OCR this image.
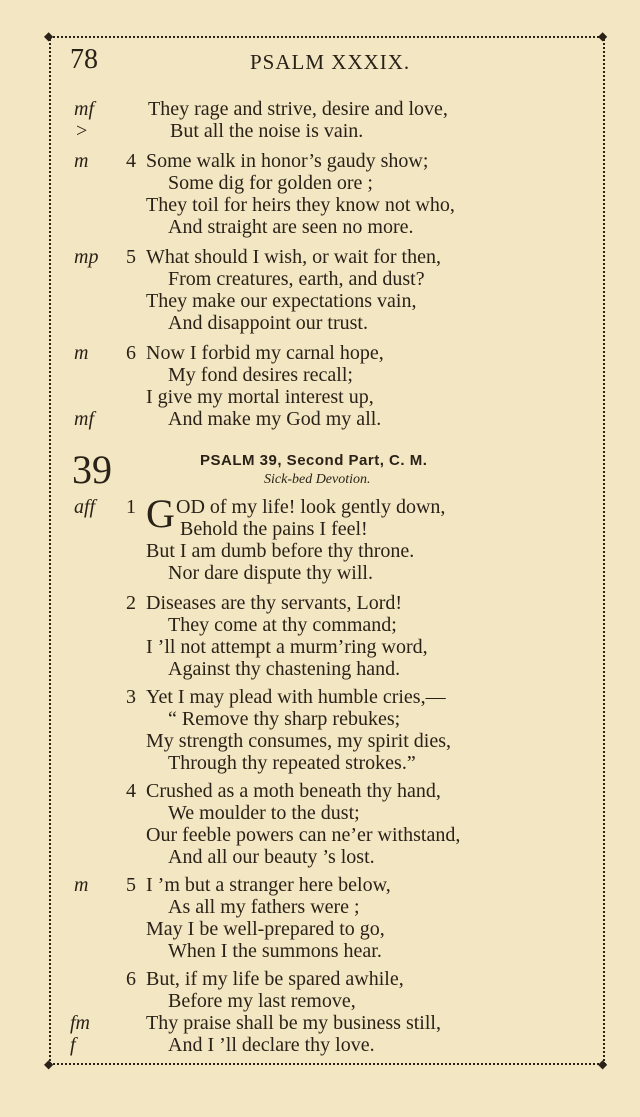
◆	◆
◆	◆
78	PSALM XXXIX.
mf
>
They rage and strive, desire and love,
But all the noise is vain.
m 4 Some walk in honor’s gaudy show;
Some dig for golden ore ;
They toil for heirs they know not who,
And straight are seen no more.
mp 5 What should I wish, or wait for then,
From creatures, earth, and dust?
They make our expectations vain,
And disappoint our trust.
m 6 Now I forbid my carnal hope,
My fond desires recall;
I give my mortal interest up,
mf	And make my God my all.
39	PSALM 39, Second Part, C. M.
Sick-bed Devotion.
aff 1 G OD of my life! look gently down,
Behold the pains I feel!
But I am dumb before thy throne.
Nor dare dispute thy will.
2 Diseases are thy servants, Lord!
They come at thy command;
I ’ll not attempt a murm’ring word,
Against thy chastening hand.
3 Yet I may plead with humble cries,—
“ Remove thy sharp rebukes;
My strength consumes, my spirit dies,
Through thy repeated strokes.”
4 Crushed as a moth beneath thy hand,
We moulder to the dust;
Our feeble powers can ne’er withstand,
And all our beauty ’s lost.
m 5 I ’m but a stranger here below,
As all my fathers were ;
May I be well-prepared to go,
When I the summons hear.
6 But, if my life be spared awhile,
Before my last remove,
fm	Thy praise shall be my business still,
f	And I ’ll declare thy love.
